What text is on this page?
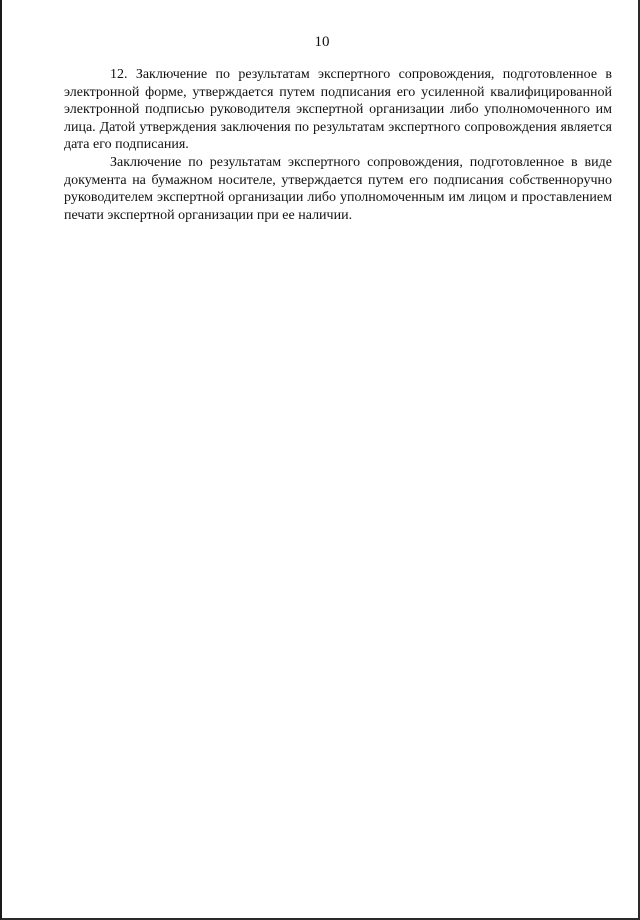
10

12. Заключение по результатам экспертного сопровождения, подготовленное в электронной форме, утверждается путем подписания его усиленной квалифицированной электронной подписью руководителя экспертной организации либо уполномоченного им лица. Датой утверждения заключения по результатам экспертного сопровождения является дата его подписания.

Заключение по результатам экспертного сопровождения, подготовленное в виде документа на бумажном носителе, утверждается путем его подписания собственноручно руководителем экспертной организации либо уполномоченным им лицом и проставлением печати экспертной организации при ее наличии.
